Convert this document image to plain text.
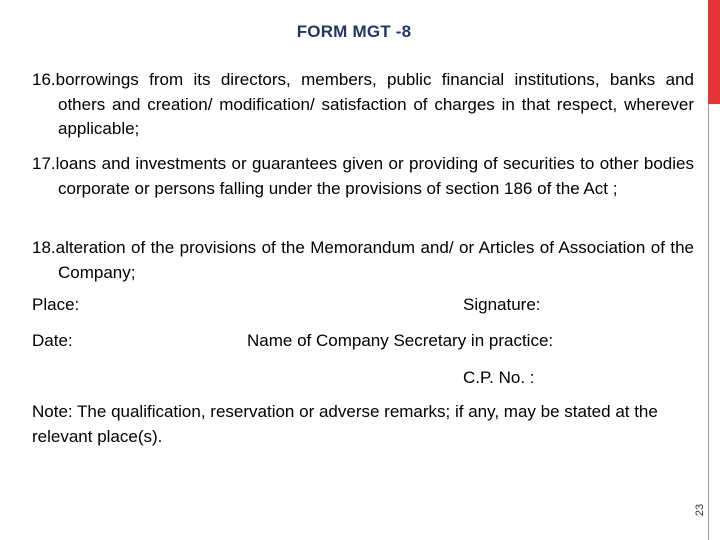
FORM MGT -8
16.borrowings from its directors, members, public financial institutions, banks and others and creation/ modification/ satisfaction of charges in that respect, wherever applicable;
17.loans and investments or guarantees given or providing of securities to other bodies corporate or persons falling under the provisions of section 186 of the Act ;
18.alteration of the provisions of the Memorandum and/ or Articles of Association of the Company;
Place:	Signature:
Date:	Name of Company Secretary in practice:
C.P. No. :
Note: The qualification, reservation or adverse remarks; if any, may be stated at the relevant place(s).
23
